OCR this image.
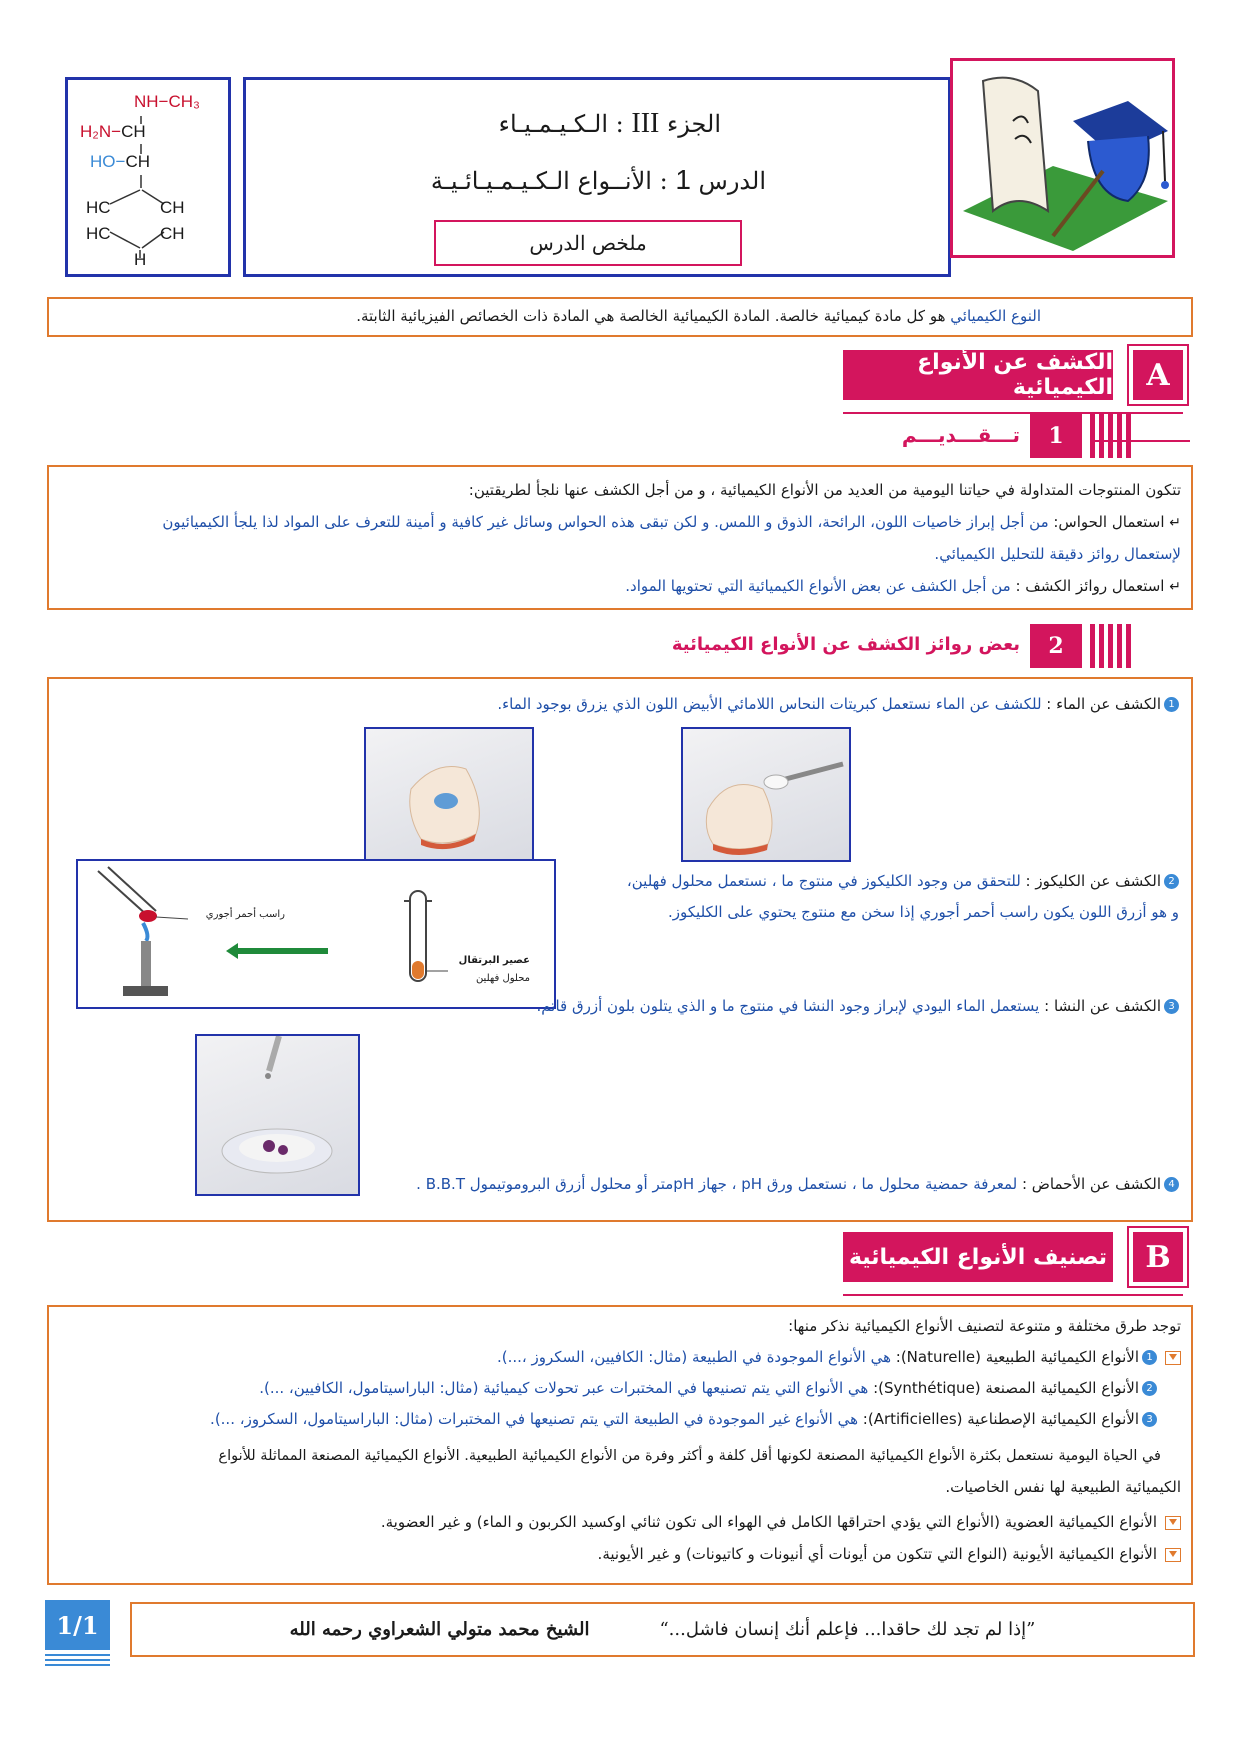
NH−CH₃
H₂N−CH
HO−CH
HC	CH
HC	CH
H
الجزء III : الـكـيـمـيـاء
الدرس 1 : الأنــواع الـكـيـمـيـائـيـة
ملخص الدرس
النوع الكيميائي هو كل مادة كيميائية خالصة. المادة الكيميائية الخالصة هي المادة ذات الخصائص الفيزيائية الثابتة.
الكشف عن الأنواع الكيميائية	A
تـــقـــديـــم	1
تتكون المنتوجات المتداولة في حياتنا اليومية من العديد من الأنواع الكيميائية ، و من أجل الكشف عنها نلجأ لطريقتين:
↵ استعمال الحواس: من أجل إبراز خاصيات اللون، الرائحة، الذوق و اللمس. و لكن تبقى هذه الحواس وسائل غير كافية و أمينة للتعرف على المواد لذا يلجأ الكيميائيون
لإستعمال روائز دقيقة للتحليل الكيميائي.
↵ استعمال روائز الكشف : من أجل الكشف عن بعض الأنواع الكيميائية التي تحتويها المواد.
بعض روائز الكشف عن الأنواع الكيميائية	2
1الكشف عن الماء : للكشف عن الماء نستعمل كبريتات النحاس اللامائي الأبيض اللون الذي يزرق بوجود الماء.
راسب أحمر أجوري
عصير البرتقال
محلول فهلين
2الكشف عن الكليكوز : للتحقق من وجود الكليكوز في منتوج ما ، نستعمل محلول فهلين،
و هو أزرق اللون يكون راسب أحمر أجوري إذا سخن مع منتوج يحتوي على الكليكوز.
3الكشف عن النشا : يستعمل الماء اليودي لإبراز وجود النشا في منتوج ما و الذي يتلون بلون أزرق قاتم.
4الكشف عن الأحماض : لمعرفة حمضية محلول ما ، نستعمل ورق pH ، جهاز pHمتر أو محلول أزرق البروموتيمول B.B.T .
تصنيف الأنواع الكيميائية	B
توجد طرق مختلفة و متنوعة لتصنيف الأنواع الكيميائية نذكر منها:
1الأنواع الكيميائية الطبيعية (Naturelle): هي الأنواع الموجودة في الطبيعة (مثال: الكافيين، السكروز ،...).
2الأنواع الكيميائية المصنعة (Synthétique): هي الأنواع التي يتم تصنيعها في المختبرات عبر تحولات كيميائية (مثال: الباراسيتامول، الكافيين، ...).
3الأنواع الكيميائية الإصطناعية (Artificielles): هي الأنواع غير الموجودة في الطبيعة التي يتم تصنيعها في المختبرات (مثال: الباراسيتامول، السكروز، ...).
في الحياة اليومية نستعمل بكثرة الأنواع الكيميائية المصنعة لكونها أقل كلفة و أكثر وفرة من الأنواع الكيميائية الطبيعية. الأنواع الكيميائية المصنعة المماثلة للأنواع
الكيميائية الطبيعية لها نفس الخاصيات.
الأنواع الكيميائية العضوية (الأنواع التي يؤدي احتراقها الكامل في الهواء الى تكون ثنائي اوكسيد الكربون و الماء) و غير العضوية.
الأنواع الكيميائية الأيونية (النواع التي تتكون من أيونات أي أنيونات و كاتيونات) و غير الأيونية.
1/1	”إذا لم تجد لك حاقدا... فإعلم أنك إنسان فاشل...“
الشيخ محمد متولي الشعراوي رحمه الله
